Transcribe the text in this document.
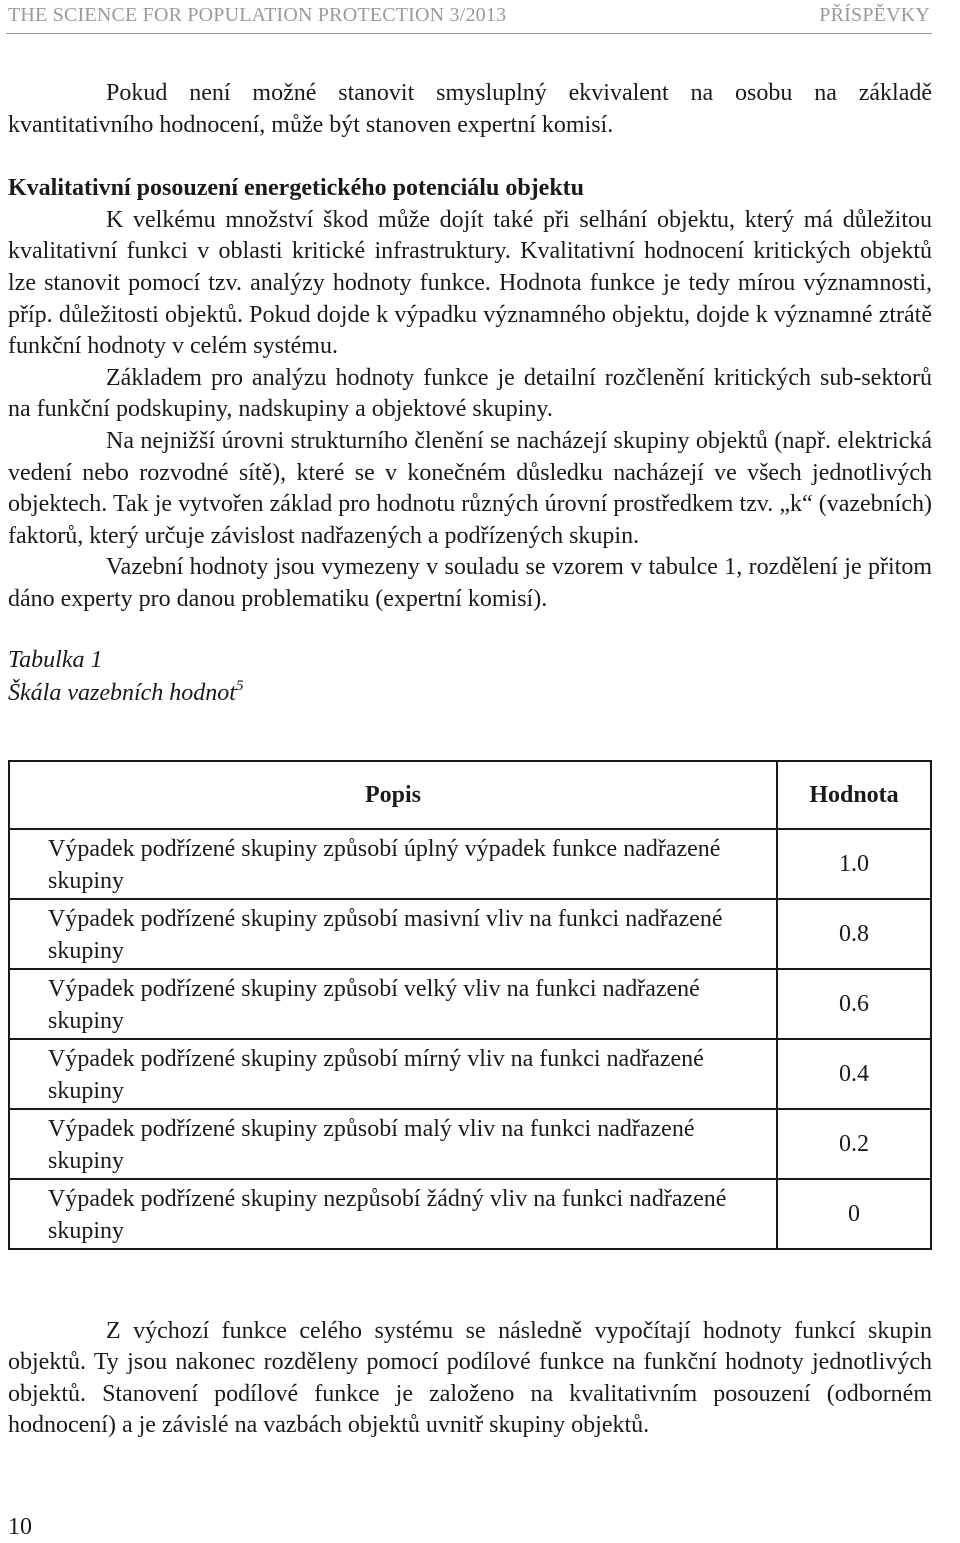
THE SCIENCE FOR POPULATION PROTECTION 3/2013	PŘÍSPĚVKY

Pokud není možné stanovit smysluplný ekvivalent na osobu na základě kvantitativního hodnocení, může být stanoven expertní komisí.

Kvalitativní posouzení energetického potenciálu objektu

K velkému množství škod může dojít také při selhání objektu, který má důležitou kvalitativní funkci v oblasti kritické infrastruktury. Kvalitativní hodnocení kritických objektů lze stanovit pomocí tzv. analýzy hodnoty funkce. Hodnota funkce je tedy mírou významnosti, příp. důležitosti objektů. Pokud dojde k výpadku významného objektu, dojde k významné ztrátě funkční hodnoty v celém systému.

Základem pro analýzu hodnoty funkce je detailní rozčlenění kritických sub-sektorů na funkční podskupiny, nadskupiny a objektové skupiny.

Na nejnižší úrovni strukturního členění se nacházejí skupiny objektů (např. elektrická vedení nebo rozvodné sítě), které se v konečném důsledku nacházejí ve všech jednotlivých objektech. Tak je vytvořen základ pro hodnotu různých úrovní prostředkem tzv. „k“ (vazebních) faktorů, který určuje závislost nadřazených a podřízených skupin.

Vazební hodnoty jsou vymezeny v souladu se vzorem v tabulce 1, rozdělení je přitom dáno experty pro danou problematiku (expertní komisí).

Tabulka 1

Škála vazebních hodnot$^5$

Popis	Hodnota
Výpadek podřízené skupiny způsobí úplný výpadek funkce nadřazené skupiny	1.0
Výpadek podřízené skupiny způsobí masivní vliv na funkci nadřazené skupiny	0.8
Výpadek podřízené skupiny způsobí velký vliv na funkci nadřazené skupiny	0.6
Výpadek podřízené skupiny způsobí mírný vliv na funkci nadřazené skupiny	0.4
Výpadek podřízené skupiny způsobí malý vliv na funkci nadřazené skupiny	0.2
Výpadek podřízené skupiny nezpůsobí žádný vliv na funkci nadřazené skupiny	0

Z výchozí funkce celého systému se následně vypočítají hodnoty funkcí skupin objektů. Ty jsou nakonec rozděleny pomocí podílové funkce na funkční hodnoty jednotlivých objektů. Stanovení podílové funkce je založeno na kvalitativním posouzení (odborném hodnocení) a je závislé na vazbách objektů uvnitř skupiny objektů.

10
